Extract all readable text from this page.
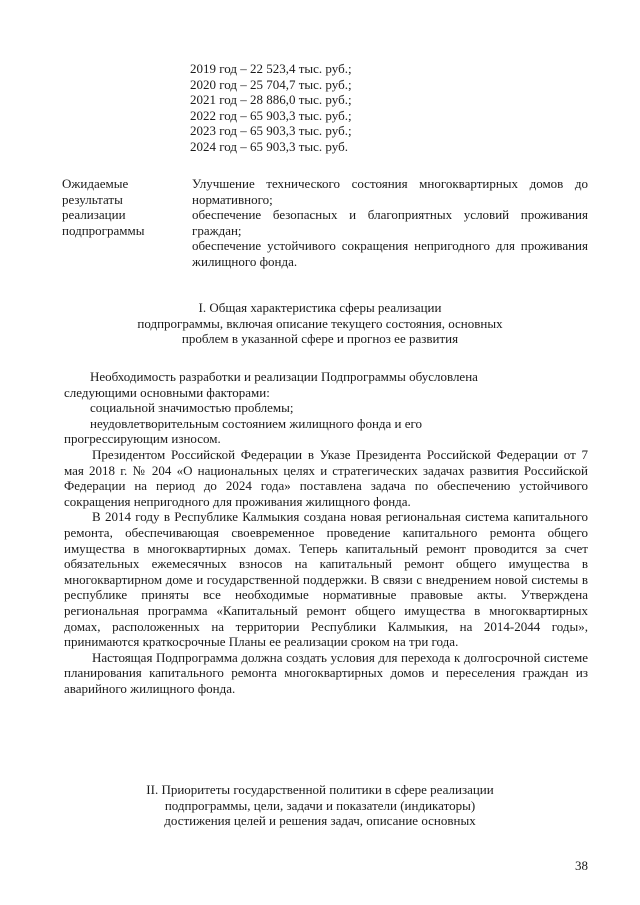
2019 год – 22 523,4 тыс. руб.;
2020 год – 25 704,7 тыс. руб.;
2021 год – 28 886,0 тыс. руб.;
2022 год – 65 903,3 тыс. руб.;
2023 год – 65 903,3 тыс. руб.;
2024 год – 65 903,3 тыс. руб.
Ожидаемые результаты реализации подпрограммы
Улучшение технического состояния многоквартирных домов до нормативного;
обеспечение безопасных и благоприятных условий проживания граждан;
обеспечение устойчивого сокращения непригодного для проживания жилищного фонда.
I. Общая характеристика сферы реализации
подпрограммы, включая описание текущего состояния, основных
проблем в указанной сфере и прогноз ее развития

Необходимость разработки и реализации Подпрограммы обусловлена

следующими основными факторами:

социальной значимостью проблемы;

неудовлетворительным состоянием жилищного фонда и его

прогрессирующим износом.

Президентом Российской Федерации в Указе Президента Российской Федерации от 7 мая 2018 г. № 204 «О национальных целях и стратегических задачах развития Российской Федерации на период до 2024 года» поставлена задача по обеспечению устойчивого сокращения непригодного для проживания жилищного фонда.

В 2014 году в Республике Калмыкия создана новая региональная система капитального ремонта, обеспечивающая своевременное проведение капитального ремонта общего имущества в многоквартирных домах. Теперь капитальный ремонт проводится за счет обязательных ежемесячных взносов на капитальный ремонт общего имущества в многоквартирном доме и государственной поддержки. В связи с внедрением новой системы в республике приняты все необходимые нормативные правовые акты. Утверждена региональная программа «Капитальный ремонт общего имущества в многоквартирных домах, расположенных на территории Республики Калмыкия, на 2014-2044 годы», принимаются краткосрочные Планы ее реализации сроком на три года.

Настоящая Подпрограмма должна создать условия для перехода к долгосрочной системе планирования капитального ремонта многоквартирных домов и переселения граждан из аварийного жилищного фонда.

II. Приоритеты государственной политики в сфере реализации
подпрограммы, цели, задачи и показатели (индикаторы)
достижения целей и решения задач, описание основных
38
